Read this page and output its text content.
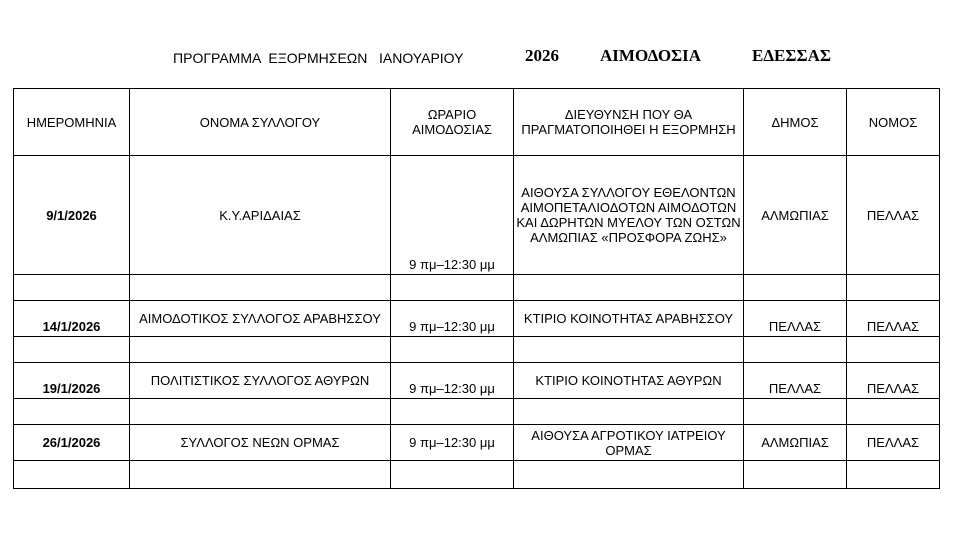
ΠΡΟΓΡΑΜΜΑ  ΕΞΟΡΜΗΣΕΩΝ   ΙΑΝΟΥΑΡΙΟΥ	2026 ΑΙΜΟΔΟΣΙΑ	ΕΔΕΣΣΑΣ
ΗΜΕΡΟΜΗΝΙΑ	ΟΝΟΜΑ ΣΥΛΛΟΓΟΥ	ΩΡΑΡΙΟ ΑΙΜΟΔΟΣΙΑΣ	ΔΙΕΥΘΥΝΣΗ ΠΟΥ ΘΑ ΠΡΑΓΜΑΤΟΠΟΙΗΘΕΙ Η ΕΞΟΡΜΗΣΗ	ΔΗΜΟΣ	ΝΟΜΟΣ
9/1/2026	Κ.Υ.ΑΡΙΔΑΙΑΣ	9 πμ–12:30 μμ	ΑΙΘΟΥΣΑ ΣΥΛΛΟΓΟΥ ΕΘΕΛΟΝΤΩΝ ΑΙΜΟΠΕΤΑΛΙΟΔΟΤΩΝ ΑΙΜΟΔΟΤΩΝ ΚΑΙ ΔΩΡΗΤΩΝ ΜΥΕΛΟΥ ΤΩΝ ΟΣΤΩΝ ΑΛΜΩΠΙΑΣ «ΠΡΟΣΦΟΡΑ ΖΩΗΣ»	ΑΛΜΩΠΙΑΣ	ΠΕΛΛΑΣ

14/1/2026	ΑΙΜΟΔΟΤΙΚΟΣ ΣΥΛΛΟΓΟΣ ΑΡΑΒΗΣΣΟΥ	9 πμ–12:30 μμ	ΚΤΙΡΙΟ ΚΟΙΝΟΤΗΤΑΣ ΑΡΑΒΗΣΣΟΥ	ΠΕΛΛΑΣ	ΠΕΛΛΑΣ

19/1/2026	ΠΟΛΙΤΙΣΤΙΚΟΣ ΣΥΛΛΟΓΟΣ ΑΘΥΡΩΝ	9 πμ–12:30 μμ	ΚΤΙΡΙΟ ΚΟΙΝΟΤΗΤΑΣ ΑΘΥΡΩΝ	ΠΕΛΛΑΣ	ΠΕΛΛΑΣ

26/1/2026	ΣΥΛΛΟΓΟΣ ΝΕΩΝ ΟΡΜΑΣ	9 πμ–12:30 μμ	ΑΙΘΟΥΣΑ ΑΓΡΟΤΙΚΟΥ ΙΑΤΡΕΙΟΥ ΟΡΜΑΣ	ΑΛΜΩΠΙΑΣ	ΠΕΛΛΑΣ
